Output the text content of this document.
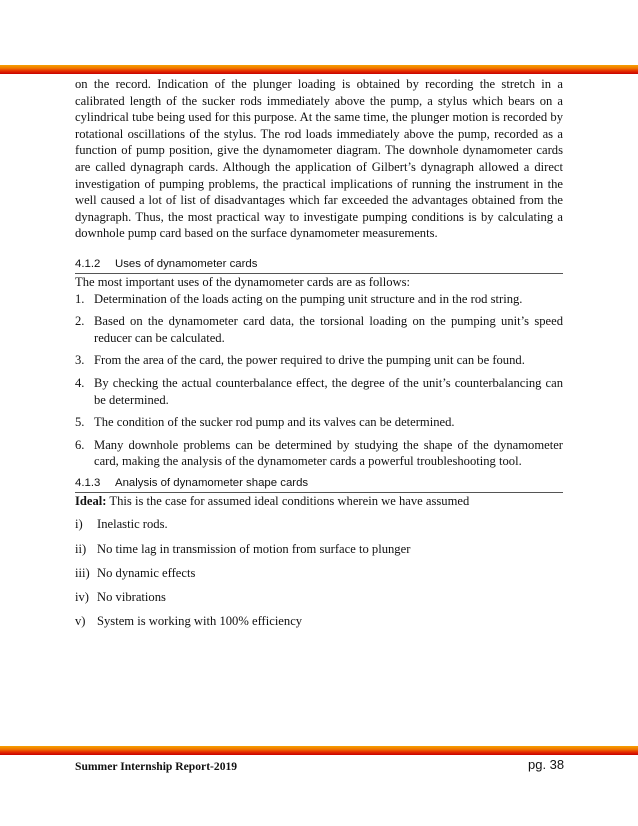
on the record. Indication of the plunger loading is obtained by recording the stretch in a calibrated length of the sucker rods immediately above the pump, a stylus which bears on a cylindrical tube being used for this purpose. At the same time, the plunger motion is recorded by rotational oscillations of the stylus. The rod loads immediately above the pump, recorded as a function of pump position, give the dynamometer diagram. The downhole dynamometer cards are called dynagraph cards. Although the application of Gilbert’s dynagraph allowed a direct investigation of pumping problems, the practical implications of running the instrument in the well caused a lot of list of disadvantages which far exceeded the advantages obtained from the dynagraph. Thus, the most practical way to investigate pumping conditions is by calculating a downhole pump card based on the surface dynamometer measurements.

4.1.2 Uses of dynamometer cards

The most important uses of the dynamometer cards are as follows:

1. Determination of the loads acting on the pumping unit structure and in the rod string.
2. Based on the dynamometer card data, the torsional loading on the pumping unit’s speed reducer can be calculated.
3. From the area of the card, the power required to drive the pumping unit can be found.
4. By checking the actual counterbalance effect, the degree of the unit’s counterbalancing can be determined.
5. The condition of the sucker rod pump and its valves can be determined.
6. Many downhole problems can be determined by studying the shape of the dynamometer card, making the analysis of the dynamometer cards a powerful troubleshooting tool.
4.1.3 Analysis of dynamometer shape cards

Ideal: This is the case for assumed ideal conditions wherein we have assumed

i) Inelastic rods.
ii) No time lag in transmission of motion from surface to plunger
iii) No dynamic effects
iv) No vibrations
v) System is working with 100% efficiency
Summer Internship Report-2019	pg. 38
